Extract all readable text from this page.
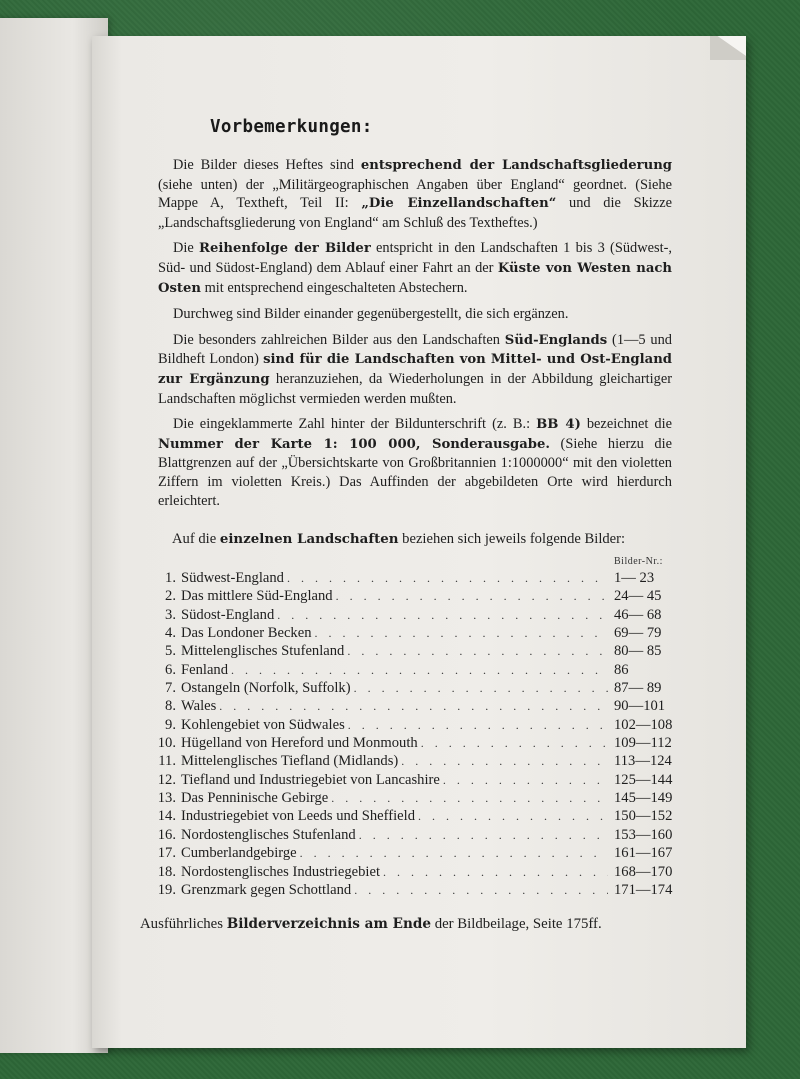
Vorbemerkungen:

Die Bilder dieses Heftes sind entsprechend der Landschaftsgliederung (siehe unten) der „Militärgeographischen Angaben über England“ geordnet. (Siehe Mappe A, Textheft, Teil II: „Die Einzellandschaften“ und die Skizze „Landschaftsgliederung von England“ am Schluß des Textheftes.)

Die Reihenfolge der Bilder entspricht in den Landschaften 1 bis 3 (Südwest-, Süd- und Südost-England) dem Ablauf einer Fahrt an der Küste von Westen nach Osten mit entsprechend eingeschalteten Abstechern.

Durchweg sind Bilder einander gegenübergestellt, die sich ergänzen.

Die besonders zahlreichen Bilder aus den Landschaften Süd-Englands (1—5 und Bildheft London) sind für die Landschaften von Mittel- und Ost-England zur Ergänzung heranzuziehen, da Wiederholungen in der Abbildung gleichartiger Landschaften möglichst vermieden werden mußten.

Die eingeklammerte Zahl hinter der Bildunterschrift (z. B.: BB 4) bezeichnet die Nummer der Karte 1: 100 000, Sonderausgabe. (Siehe hierzu die Blattgrenzen auf der „Übersichtskarte von Großbritannien 1:1000000“ mit den violetten Ziffern im violetten Kreis.) Das Auffinden der abgebildeten Orte wird hierdurch erleichtert.

Auf die einzelnen Landschaften beziehen sich jeweils folgende Bilder:
Bilder-Nr.:
1. Südwest-England . . .	1— 23
2. Das mittlere Süd-England . . .	24— 45
3. Südost-England . . .	46— 68
4. Das Londoner Becken . . .	69— 79
5. Mittelenglisches Stufenland . . .	80— 85
6. Fenland . . .	86
7. Ostangeln (Norfolk, Suffolk) . . .	87— 89
8. Wales . . .	90—101
9. Kohlengebiet von Südwales . . .	102—108
10. Hügelland von Hereford und Monmouth . . .	109—112
11. Mittelenglisches Tiefland (Midlands) . . .	113—124
12. Tiefland und Industriegebiet von Lancashire . . .	125—144
13. Das Penninische Gebirge . . .	145—149
14. Industriegebiet von Leeds und Sheffield . . .	150—152
16. Nordostenglisches Stufenland . . .	153—160
17. Cumberlandgebirge . . .	161—167
18. Nordostenglisches Industriegebiet . . .	168—170
19. Grenzmark gegen Schottland . . .	171—174
Ausführliches Bilderverzeichnis am Ende der Bildbeilage, Seite 175ff.
